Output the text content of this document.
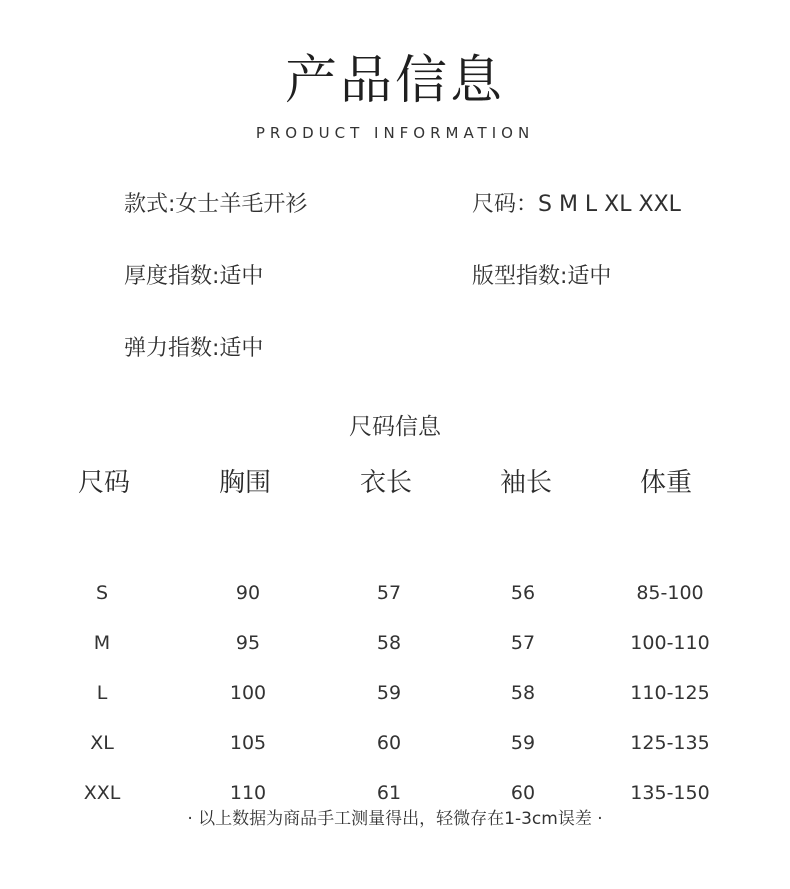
产品信息
PRODUCT INFORMATION
款式:女士羊毛开衫	尺码：S M L XL XXL
厚度指数:适中	版型指数:适中
弹力指数:适中
尺码信息
尺码	胸围	衣长	袖长	体重
S	90	57	56	85-100
M	95	58	57	100-110
L	100	59	58	110-125
XL	105	60	59	125-135
XXL	110	61	60	135-150
· 以上数据为商品手工测量得出，轻微存在1-3cm误差 ·
